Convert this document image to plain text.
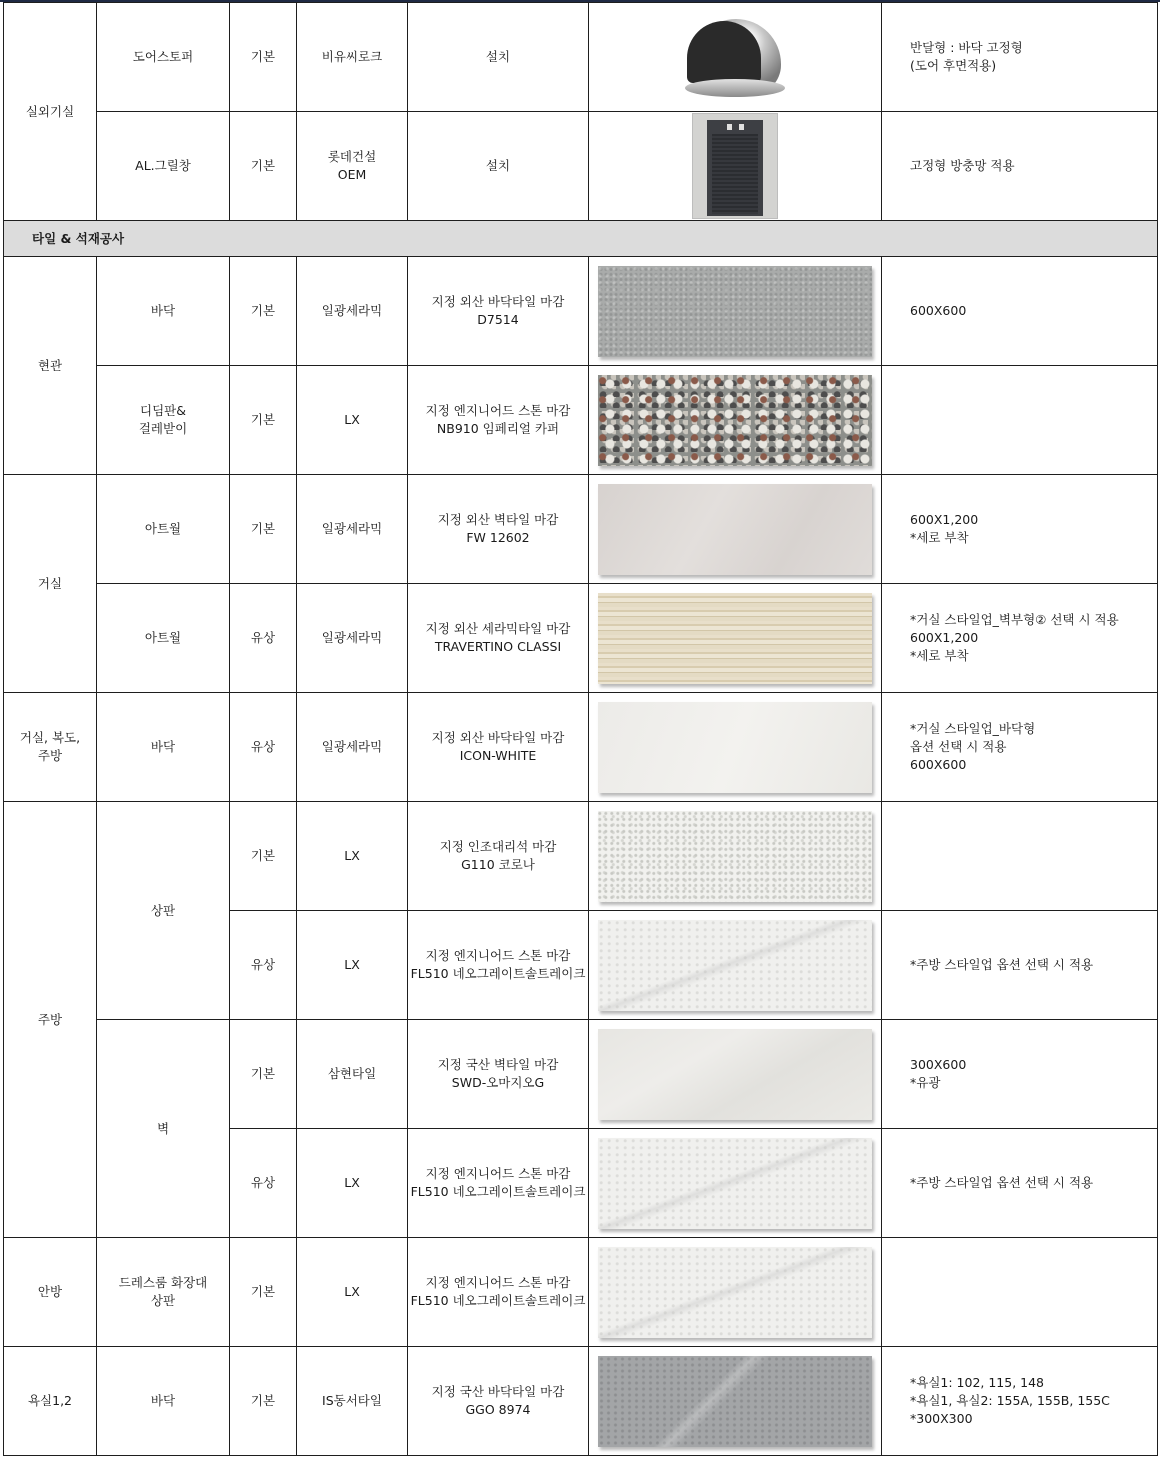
실외기실	도어스토퍼	기본	비유씨로크	설치		반달형 : 바닥 고정형
(도어 후면적용)
	AL.그릴창	기본	롯데건설
OEM	설치		고정형 방충망 적용
타일 & 석재공사						
현관	바닥	기본	일광세라믹	지정 외산 바닥타일 마감
D7514		600X600
	디딤판&
걸레받이	기본	LX	지정 엔지니어드 스톤 마감
NB910 임페리얼 카퍼	

거실	아트월	기본	일광세라믹	지정 외산 벽타일 마감
FW 12602		600X1,200
*세로 부착
	아트월	유상	일광세라믹	지정 외산 세라믹타일 마감
TRAVERTINO CLASSI		*거실 스타일업_벽부형② 선택 시 적용
600X1,200
*세로 부착
거실, 복도,
주방	바닥	유상	일광세라믹	지정 외산 바닥타일 마감
ICON-WHITE		*거실 스타일업_바닥형
옵션 선택 시 적용
600X600
주방	상판	기본	LX	지정 인조대리석 마감
G110 코로나	

		유상	LX	지정 엔지니어드 스톤 마감
FL510 네오그레이트솔트레이크		*주방 스타일업 옵션 선택 시 적용
	벽	기본	삼현타일	지정 국산 벽타일 마감
SWD-오마지오G		300X600
*유광
		유상	LX	지정 엔지니어드 스톤 마감
FL510 네오그레이트솔트레이크		*주방 스타일업 옵션 선택 시 적용
안방	드레스룸 화장대
상판	기본	LX	지정 엔지니어드 스톤 마감
FL510 네오그레이트솔트레이크	

욕실1,2	바닥	기본	IS동서타일	지정 국산 바닥타일 마감
GGO 8974		*욕실1: 102, 115, 148
*욕실1, 욕실2: 155A, 155B, 155C
*300X300
